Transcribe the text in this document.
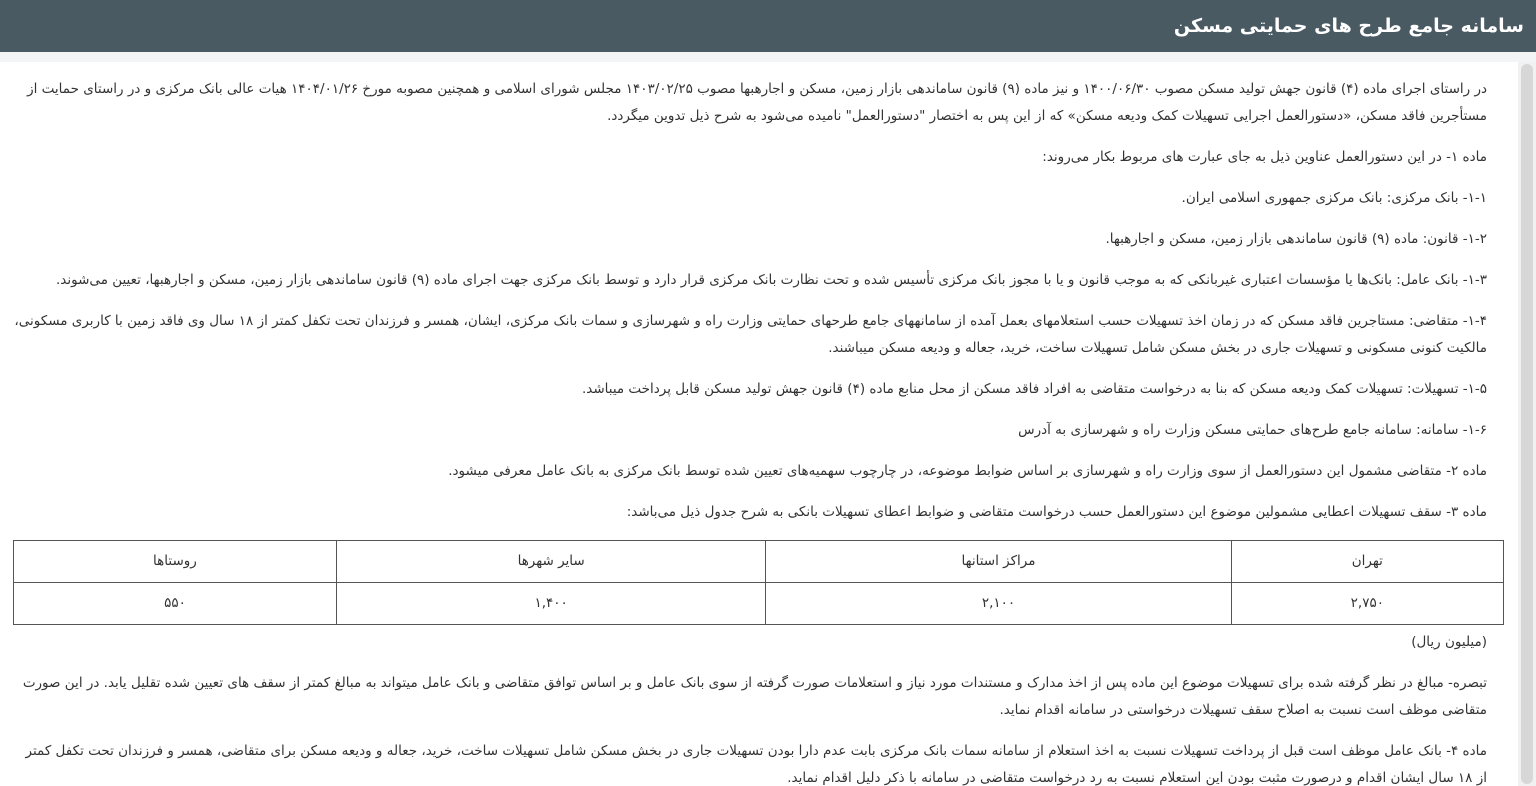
سامانه جامع طرح های حمایتی مسکن

در راستای اجرای ماده (۴) قانون جهش تولید مسکن مصوب ۱۴۰۰/۰۶/۳۰ و نیز ماده (۹) قانون ساماندهی بازار زمین، مسکن و اجارهبها مصوب ۱۴۰۳/۰۲/۲۵ مجلس شورای اسلامی و همچنین مصوبه مورخ ۱۴۰۴/۰۱/۲۶ هیات عالی بانک مرکزی و در راستای حمایت از مستأجرین فاقد مسکن، «دستورالعمل اجرایی تسهیلات کمک ودیعه مسکن» که از این پس به اختصار "دستورالعمل" نامیده می‌شود به شرح ذیل تدوین میگردد.

ماده ۱- در این دستورالعمل عناوین ذیل به جای عبارت های مربوط بکار می‌روند:

۱-۱- بانک مرکزی: بانک مرکزی جمهوری اسلامی ایران.

۱-۲- قانون: ماده (۹) قانون ساماندهی بازار زمین، مسکن و اجارهبها.

۱-۳- بانک عامل: بانک‌ها یا مؤسسات اعتباری غیربانکی که به موجب قانون و یا با مجوز بانک مرکزی تأسیس شده و تحت نظارت بانک مرکزی قرار دارد و توسط بانک مرکزی جهت اجرای ماده (۹) قانون ساماندهی بازار زمین، مسکن و اجارهبها، تعیین می‌شوند.

۱-۴- متقاضی: مستاجرین فاقد مسکن که در زمان اخذ تسهیلات حسب استعلامهای بعمل آمده از سامانههای جامع طرحهای حمایتی وزارت راه و شهرسازی و سمات بانک مرکزی، ایشان، همسر و فرزندان تحت تکفل کمتر از ۱۸ سال وی فاقد زمین با کاربری مسکونی، مالکیت کنونی مسکونی و تسهیلات جاری در بخش مسکن شامل تسهیلات ساخت، خرید، جعاله و ودیعه مسکن میباشند.

۱-۵- تسهیلات: تسهیلات کمک ودیعه مسکن که بنا به درخواست متقاضی به افراد فاقد مسکن از محل منابع ماده (۴) قانون جهش تولید مسکن قابل پرداخت میباشد.

۱-۶- سامانه: سامانه جامع طرح‌های حمایتی مسکن وزارت راه و شهرسازی به آدرس

ماده ۲- متقاضی مشمول این دستورالعمل از سوی وزارت راه و شهرسازی بر اساس ضوابط موضوعه، در چارچوب سهمیه‌های تعیین شده توسط بانک مرکزی به بانک عامل معرفی میشود.

ماده ۳- سقف تسهیلات اعطایی مشمولین موضوع این دستورالعمل حسب درخواست متقاضی و ضوابط اعطای تسهیلات بانکی به شرح جدول ذیل می‌باشد:

تهران	مراکز استانها	سایر شهرها	روستاها
۲,۷۵۰	۲,۱۰۰	۱,۴۰۰	۵۵۰

(میلیون ریال)

تبصره- مبالغ در نظر گرفته شده برای تسهیلات موضوع این ماده پس از اخذ مدارک و مستندات مورد نیاز و استعلامات صورت گرفته از سوی بانک عامل و بر اساس توافق متقاضی و بانک عامل میتواند به مبالغ کمتر از سقف های تعیین شده تقلیل یابد. در این صورت متقاضی موظف است نسبت به اصلاح سقف تسهیلات درخواستی در سامانه اقدام نماید.

ماده ۴- بانک عامل موظف است قبل از پرداخت تسهیلات نسبت به اخذ استعلام از سامانه سمات بانک مرکزی بابت عدم دارا بودن تسهیلات جاری در بخش مسکن شامل تسهیلات ساخت، خرید، جعاله و ودیعه مسکن برای متقاضی، همسر و فرزندان تحت تکفل کمتر از ۱۸ سال ایشان اقدام و درصورت مثبت بودن این استعلام نسبت به رد درخواست متقاضی در سامانه با ذکر دلیل اقدام نماید.
